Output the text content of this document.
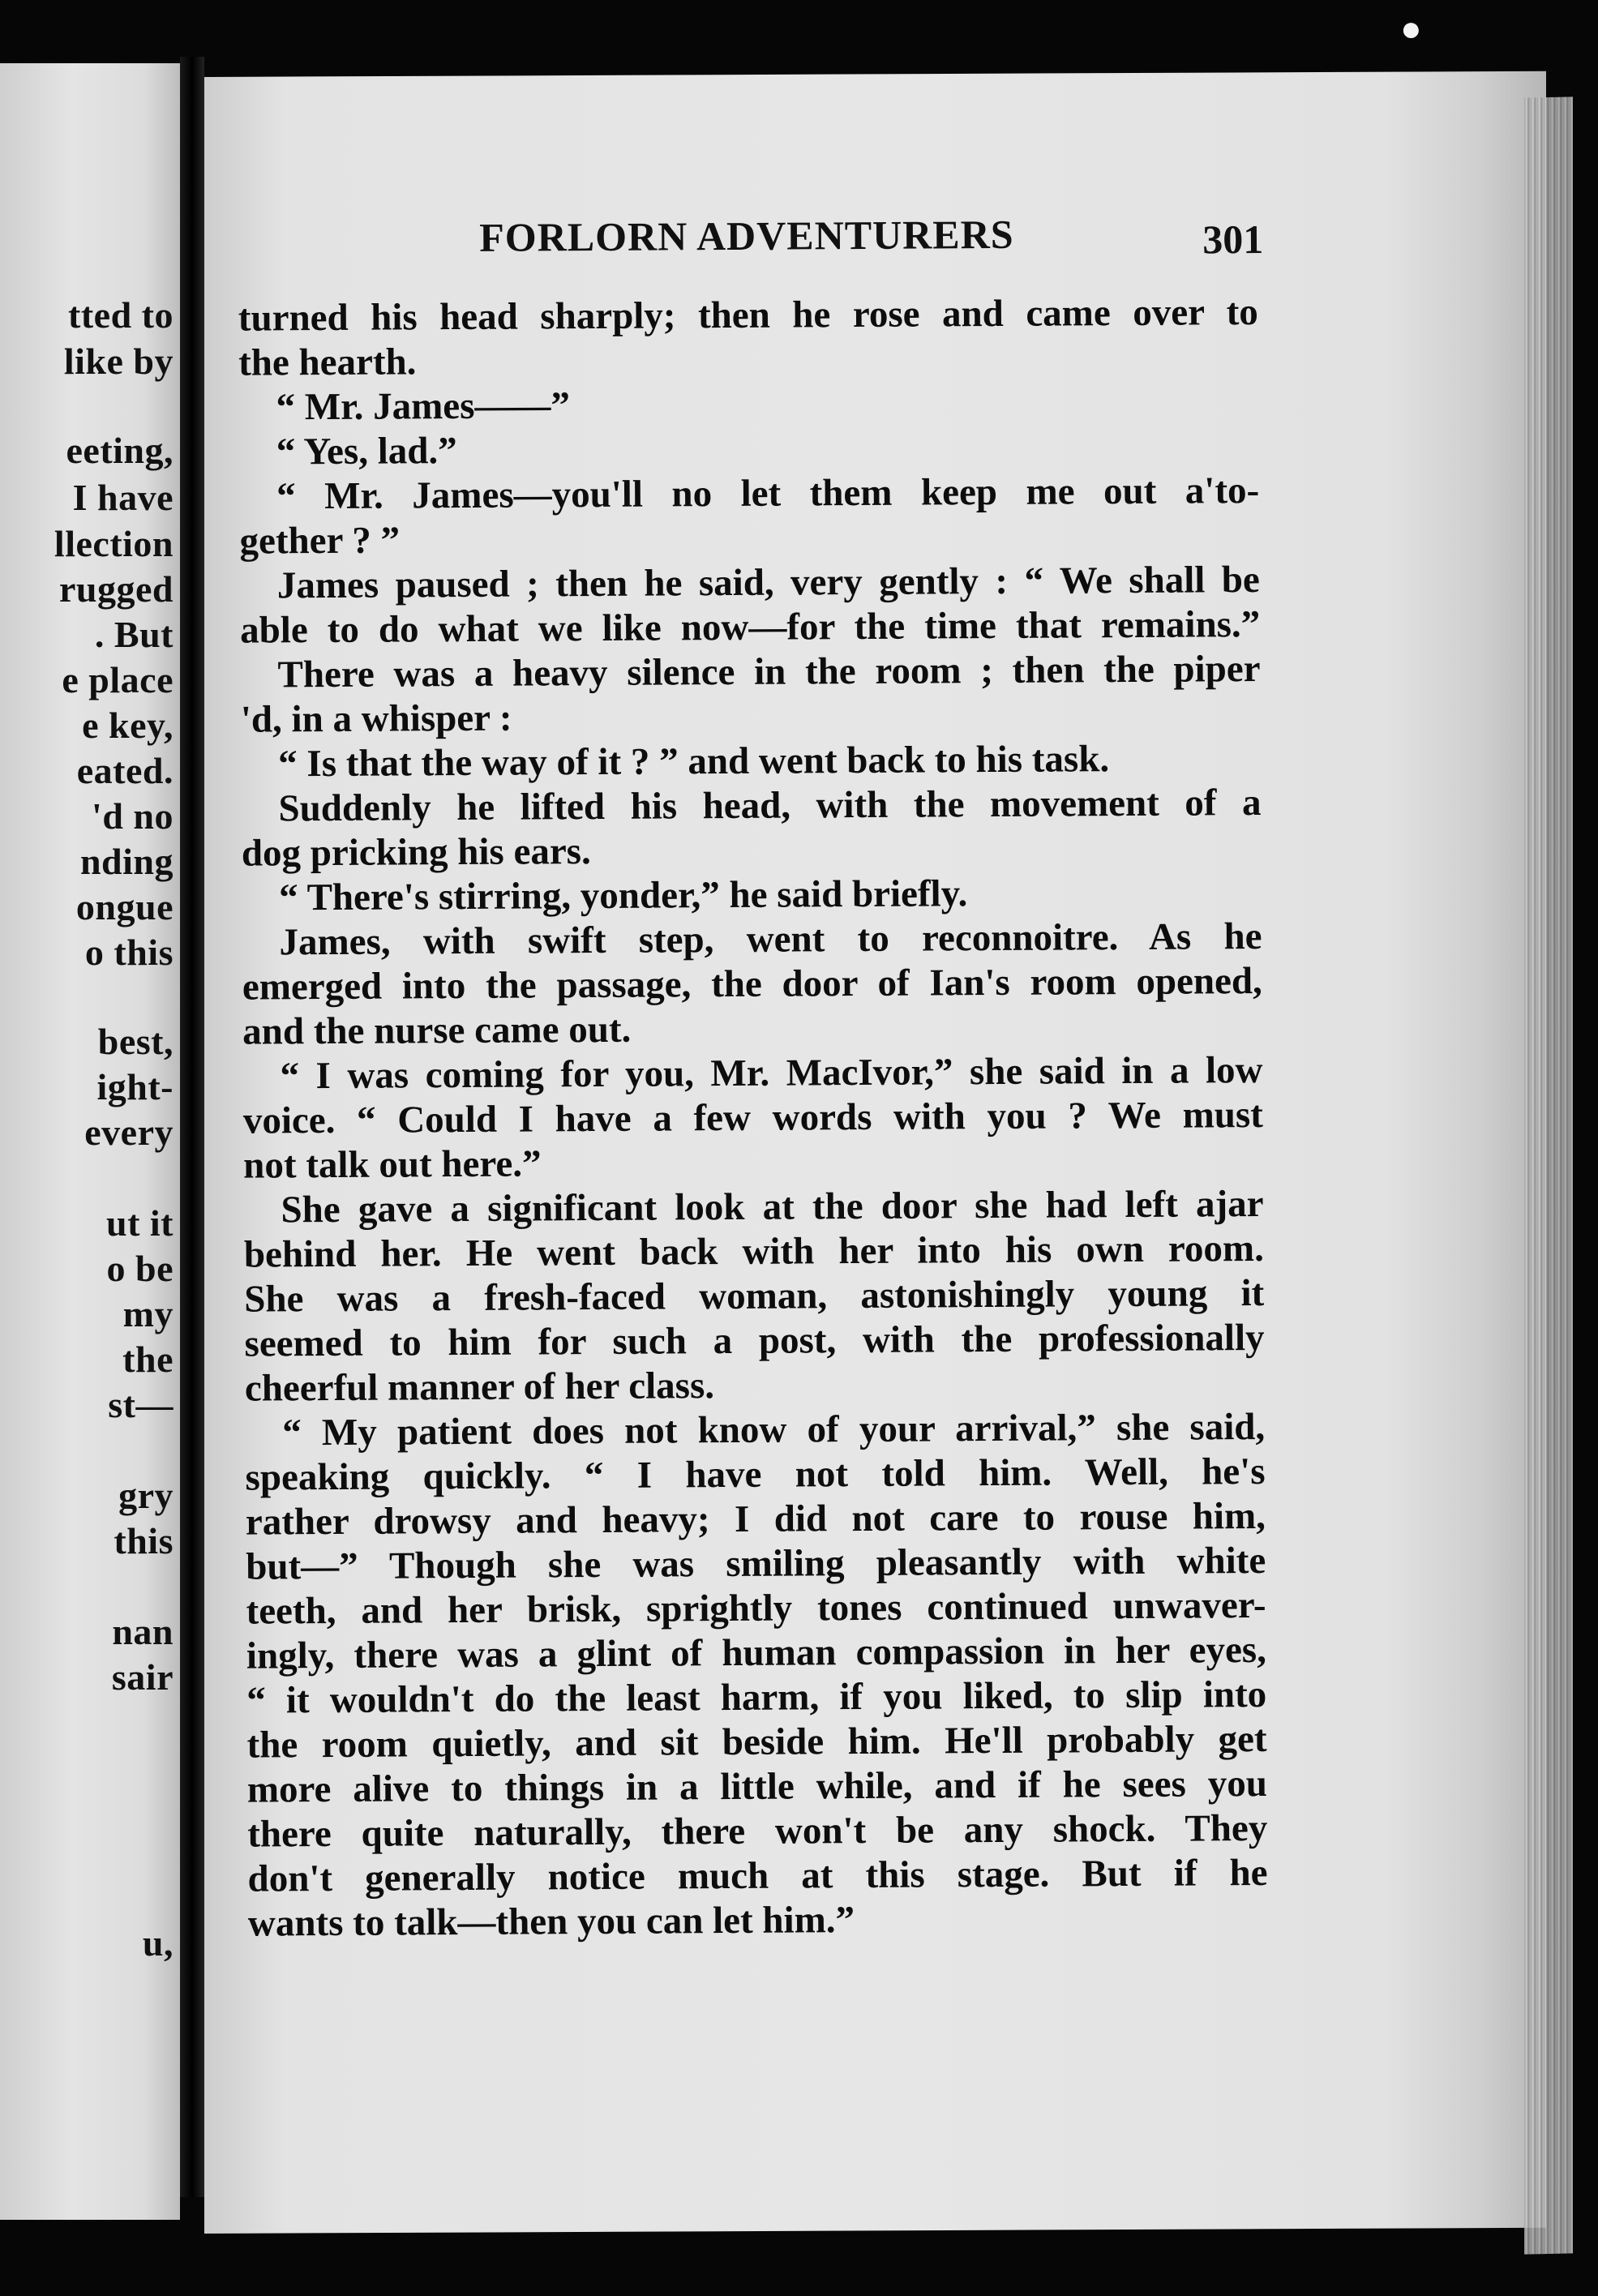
tted to
like by
eeting,
I have
llection
rugged
. But
e place
e key,
eated.
'd no
nding
ongue
o this
best,
ight-
every
ut it
o be
my
the
st—
gry
this
nan
sair
u,
●
FORLORN ADVENTURERS	301
turned his head sharply; then he rose and came over to
the hearth.
“ Mr. James——”
“ Yes, lad.”
“ Mr. James—you'll no let them keep me out a'to-
gether ? ”
James paused ; then he said, very gently : “ We shall be
able to do what we like now—for the time that remains.”
There was a heavy silence in the room ; then the piper
'd, in a whisper :
“ Is that the way of it ? ” and went back to his task.
Suddenly he lifted his head, with the movement of a
dog pricking his ears.
“ There's stirring, yonder,” he said briefly.
James, with swift step, went to reconnoitre. As he
emerged into the passage, the door of Ian's room opened,
and the nurse came out.
“ I was coming for you, Mr. MacIvor,” she said in a low
voice. “ Could I have a few words with you ? We must
not talk out here.”
She gave a significant look at the door she had left ajar
behind her. He went back with her into his own room.
She was a fresh-faced woman, astonishingly young it
seemed to him for such a post, with the professionally
cheerful manner of her class.
“ My patient does not know of your arrival,” she said,
speaking quickly. “ I have not told him. Well, he's
rather drowsy and heavy; I did not care to rouse him,
but—” Though she was smiling pleasantly with white
teeth, and her brisk, sprightly tones continued unwaver-
ingly, there was a glint of human compassion in her eyes,
“ it wouldn't do the least harm, if you liked, to slip into
the room quietly, and sit beside him. He'll probably get
more alive to things in a little while, and if he sees you
there quite naturally, there won't be any shock. They
don't generally notice much at this stage. But if he
wants to talk—then you can let him.”
